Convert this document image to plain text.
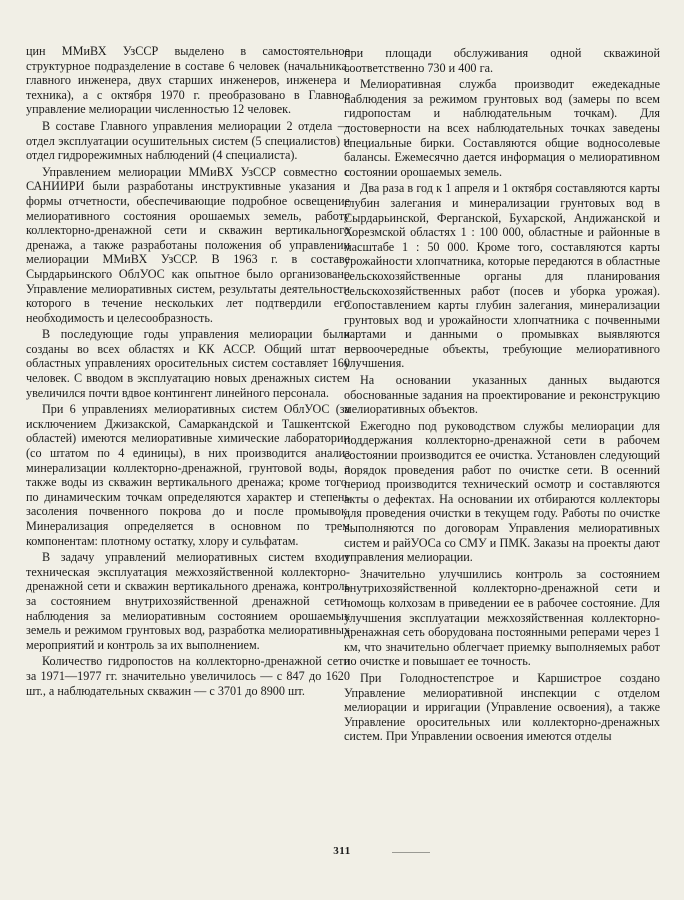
цин ММиВХ УзССР выделено в самостоятельное структурное подразделение в составе 6 человек (начальника, главного инженера, двух старших инженеров, инженера и техника), а с октября 1970 г. преобразовано в Главное управление мелиорации численностью 12 человек.

В составе Главного управления мелиорации 2 отдела — отдел эксплуатации осушительных систем (5 специалистов) и отдел гидрорежимных наблюдений (4 специалиста).

Управлением мелиорации ММиВХ УзССР совместно с САНИИРИ были разработаны инструктивные указания и формы отчетности, обеспечивающие подробное освещение мелиоративного состояния орошаемых земель, работу коллекторно-дренажной сети и скважин вертикального дренажа, а также разработаны положения об управлении мелиорации ММиВХ УзССР. В 1963 г. в составе Сырдарьинского ОблУОС как опытное было организовано Управление мелиоративных систем, результаты деятельности которого в течение нескольких лет подтвердили его необходимость и целесообразность.

В последующие годы управления мелиорации были созданы во всех областях и КК АССР. Общий штат в областных управлениях оросительных систем составляет 160 человек. С вводом в эксплуатацию новых дренажных систем увеличился почти вдвое контингент линейного персонала.

При 6 управлениях мелиоративных систем ОблУОС (за исключением Джизакской, Самаркандской и Ташкентской областей) имеются мелиоративные химические лаборатории (со штатом по 4 единицы), в них производится анализ минерализации коллекторно-дренажной, грунтовой воды, а также воды из скважин вертикального дренажа; кроме того, по динамическим точкам определяются характер и степень засоления почвенного покрова до и после промывок. Минерализация определяется в основном по трем компонентам: плотному остатку, хлору и сульфатам.

В задачу управлений мелиоративных систем входит техническая эксплуатация межхозяйственной коллекторно-дренажной сети и скважин вертикального дренажа, контроль за состоянием внутрихозяйственной дренажной сети, наблюдения за мелиоративным состоянием орошаемых земель и режимом грунтовых вод, разработка мелиоративных мероприятий и контроль за их выполнением.

Количество гидропостов на коллекторно-дренажной сети за 1971—1977 гг. значительно увеличилось — с 847 до 1620 шт., а наблюдательных скважин — с 3701 до 8900 шт.

при площади обслуживания одной скважиной соответственно 730 и 400 га.

Мелиоративная служба производит ежедекадные наблюдения за режимом грунтовых вод (замеры по всем гидропостам и наблюдательным точкам). Для достоверности на всех наблюдательных точках заведены специальные бирки. Составляются общие водносолевые балансы. Ежемесячно дается информация о мелиоративном состоянии орошаемых земель.

Два раза в год к 1 апреля и 1 октября составляются карты глубин залегания и минерализации грунтовых вод в Сырдарьинской, Ферганской, Бухарской, Андижанской и Хорезмской областях 1 : 100 000, областные и районные в масштабе 1 : 50 000. Кроме того, составляются карты урожайности хлопчатника, которые передаются в областные сельскохозяйственные органы для планирования сельскохозяйственных работ (посев и уборка урожая). Сопоставлением карты глубин залегания, минерализации грунтовых вод и урожайности хлопчатника с почвенными картами и данными о промывках выявляются первоочередные объекты, требующие мелиоративного улучшения.

На основании указанных данных выдаются обоснованные задания на проектирование и реконструкцию мелиоративных объектов.

Ежегодно под руководством службы мелиорации для поддержания коллекторно-дренажной сети в рабочем состоянии производится ее очистка. Установлен следующий порядок проведения работ по очистке сети. В осенний период производится технический осмотр и составляются акты о дефектах. На основании их отбираются коллекторы для проведения очистки в текущем году. Работы по очистке выполняются по договорам Управления мелиоративных систем и райУОСа со СМУ и ПМК. Заказы на проекты дают управления мелиорации.

Значительно улучшились контроль за состоянием внутрихозяйственной коллекторно-дренажной сети и помощь колхозам в приведении ее в рабочее состояние. Для улучшения эксплуатации межхозяйственная коллекторно-дренажная сеть оборудована постоянными реперами через 1 км, что значительно облегчает приемку выполняемых работ по очистке и повышает ее точность.

При Голодностепстрое и Каршистрое создано Управление мелиоративной инспекции с отделом мелиорации и ирригации (Управление освоения), а также Управление оросительных или коллекторно-дренажных систем. При Управлении освоения имеются отделы

311
